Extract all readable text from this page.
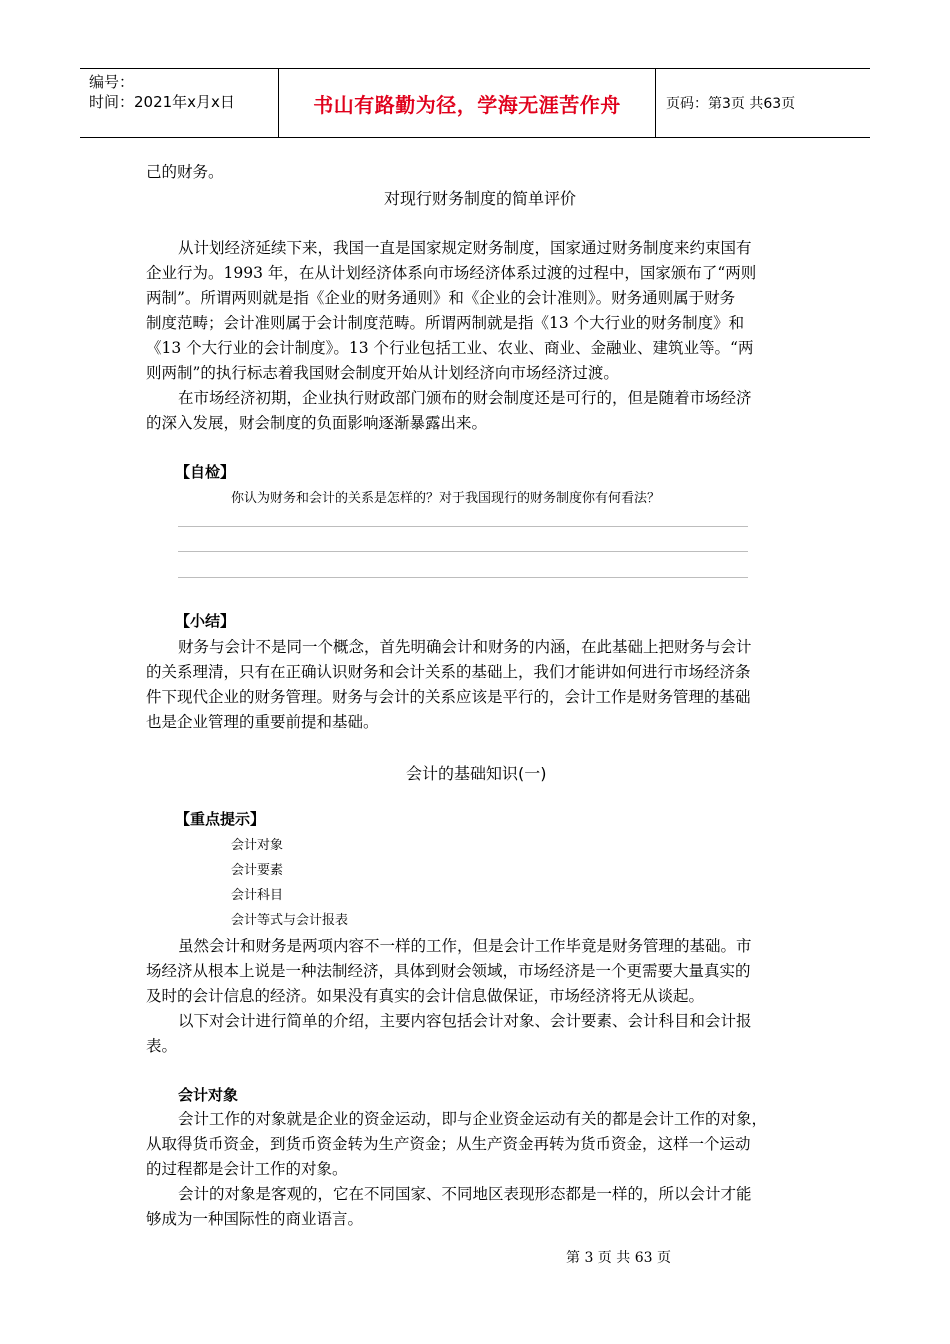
编号：
时间：2021年x月x日	书山有路勤为径，学海无涯苦作舟	页码：第3页 共63页
己的财务。
对现行财务制度的简单评价
从计划经济延续下来，我国一直是国家规定财务制度，国家通过财务制度来约束国有
企业行为。1993 年，在从计划经济体系向市场经济体系过渡的过程中，国家颁布了“两则
两制”。所谓两则就是指《企业的财务通则》和《企业的会计准则》。财务通则属于财务
制度范畴；会计准则属于会计制度范畴。所谓两制就是指《13 个大行业的财务制度》和
《13 个大行业的会计制度》。13 个行业包括工业、农业、商业、金融业、建筑业等。“两
则两制”的执行标志着我国财会制度开始从计划经济向市场经济过渡。
在市场经济初期，企业执行财政部门颁布的财会制度还是可行的，但是随着市场经济
的深入发展，财会制度的负面影响逐渐暴露出来。
【自检】
你认为财务和会计的关系是怎样的？对于我国现行的财务制度你有何看法？
【小结】
财务与会计不是同一个概念，首先明确会计和财务的内涵，在此基础上把财务与会计
的关系理清，只有在正确认识财务和会计关系的基础上，我们才能讲如何进行市场经济条
件下现代企业的财务管理。财务与会计的关系应该是平行的，会计工作是财务管理的基础
也是企业管理的重要前提和基础。
会计的基础知识(一)
【重点提示】
会计对象
会计要素
会计科目
会计等式与会计报表
虽然会计和财务是两项内容不一样的工作，但是会计工作毕竟是财务管理的基础。市
场经济从根本上说是一种法制经济，具体到财会领域，市场经济是一个更需要大量真实的
及时的会计信息的经济。如果没有真实的会计信息做保证，市场经济将无从谈起。
以下对会计进行简单的介绍，主要内容包括会计对象、会计要素、会计科目和会计报
表。
会计对象
会计工作的对象就是企业的资金运动，即与企业资金运动有关的都是会计工作的对象，
从取得货币资金，到货币资金转为生产资金；从生产资金再转为货币资金，这样一个运动
的过程都是会计工作的对象。
会计的对象是客观的，它在不同国家、不同地区表现形态都是一样的，所以会计才能
够成为一种国际性的商业语言。
第 3 页 共 63 页
